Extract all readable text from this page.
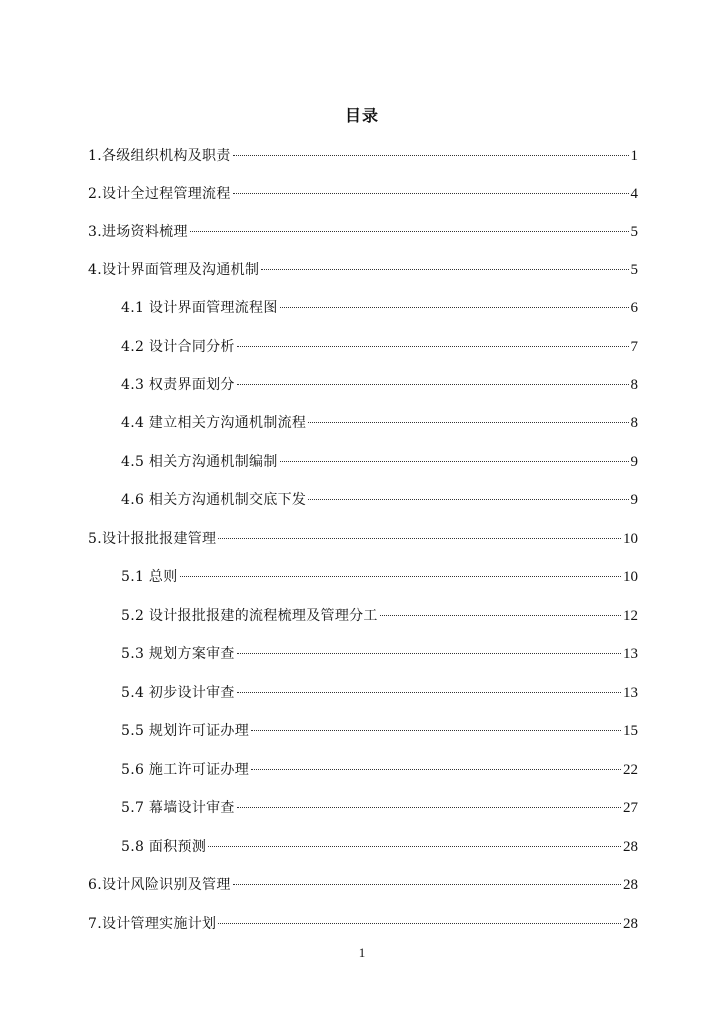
目录
1.各级组织机构及职责	1
2.设计全过程管理流程	4
3.进场资料梳理	5
4.设计界面管理及沟通机制	5
4.1 设计界面管理流程图	6
4.2 设计合同分析	7
4.3 权责界面划分	8
4.4 建立相关方沟通机制流程	8
4.5 相关方沟通机制编制	9
4.6 相关方沟通机制交底下发	9
5.设计报批报建管理	10
5.1 总则	10
5.2 设计报批报建的流程梳理及管理分工	12
5.3 规划方案审查	13
5.4 初步设计审查	13
5.5 规划许可证办理	15
5.6 施工许可证办理	22
5.7 幕墙设计审查	27
5.8 面积预测	28
6.设计风险识别及管理	28
7.设计管理实施计划	28
1
